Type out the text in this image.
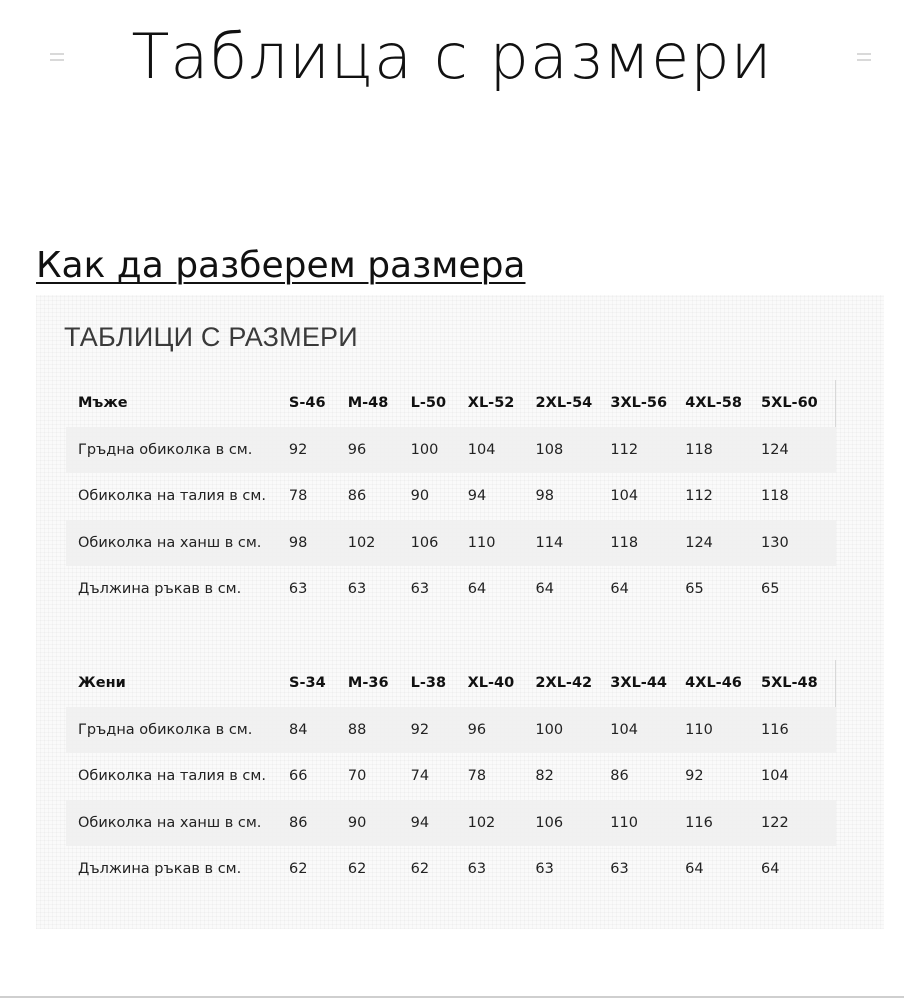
Таблица с размери
Как да разберем размера
ТАБЛИЦИ С РАЗМЕРИ
Мъже	S-46	M-48	L-50	XL-52	2XL-54	3XL-56	4XL-58	5XL-60
Гръдна обиколка в см.	92	96	100	104	108	112	118	124
Обиколка на талия в см.	78	86	90	94	98	104	112	118
Обиколка на ханш в см.	98	102	106	110	114	118	124	130
Дължина ръкав в см.	63	63	63	64	64	64	65	65
Жени	S-34	M-36	L-38	XL-40	2XL-42	3XL-44	4XL-46	5XL-48
Гръдна обиколка в см.	84	88	92	96	100	104	110	116
Обиколка на талия в см.	66	70	74	78	82	86	92	104
Обиколка на ханш в см.	86	90	94	102	106	110	116	122
Дължина ръкав в см.	62	62	62	63	63	63	64	64
